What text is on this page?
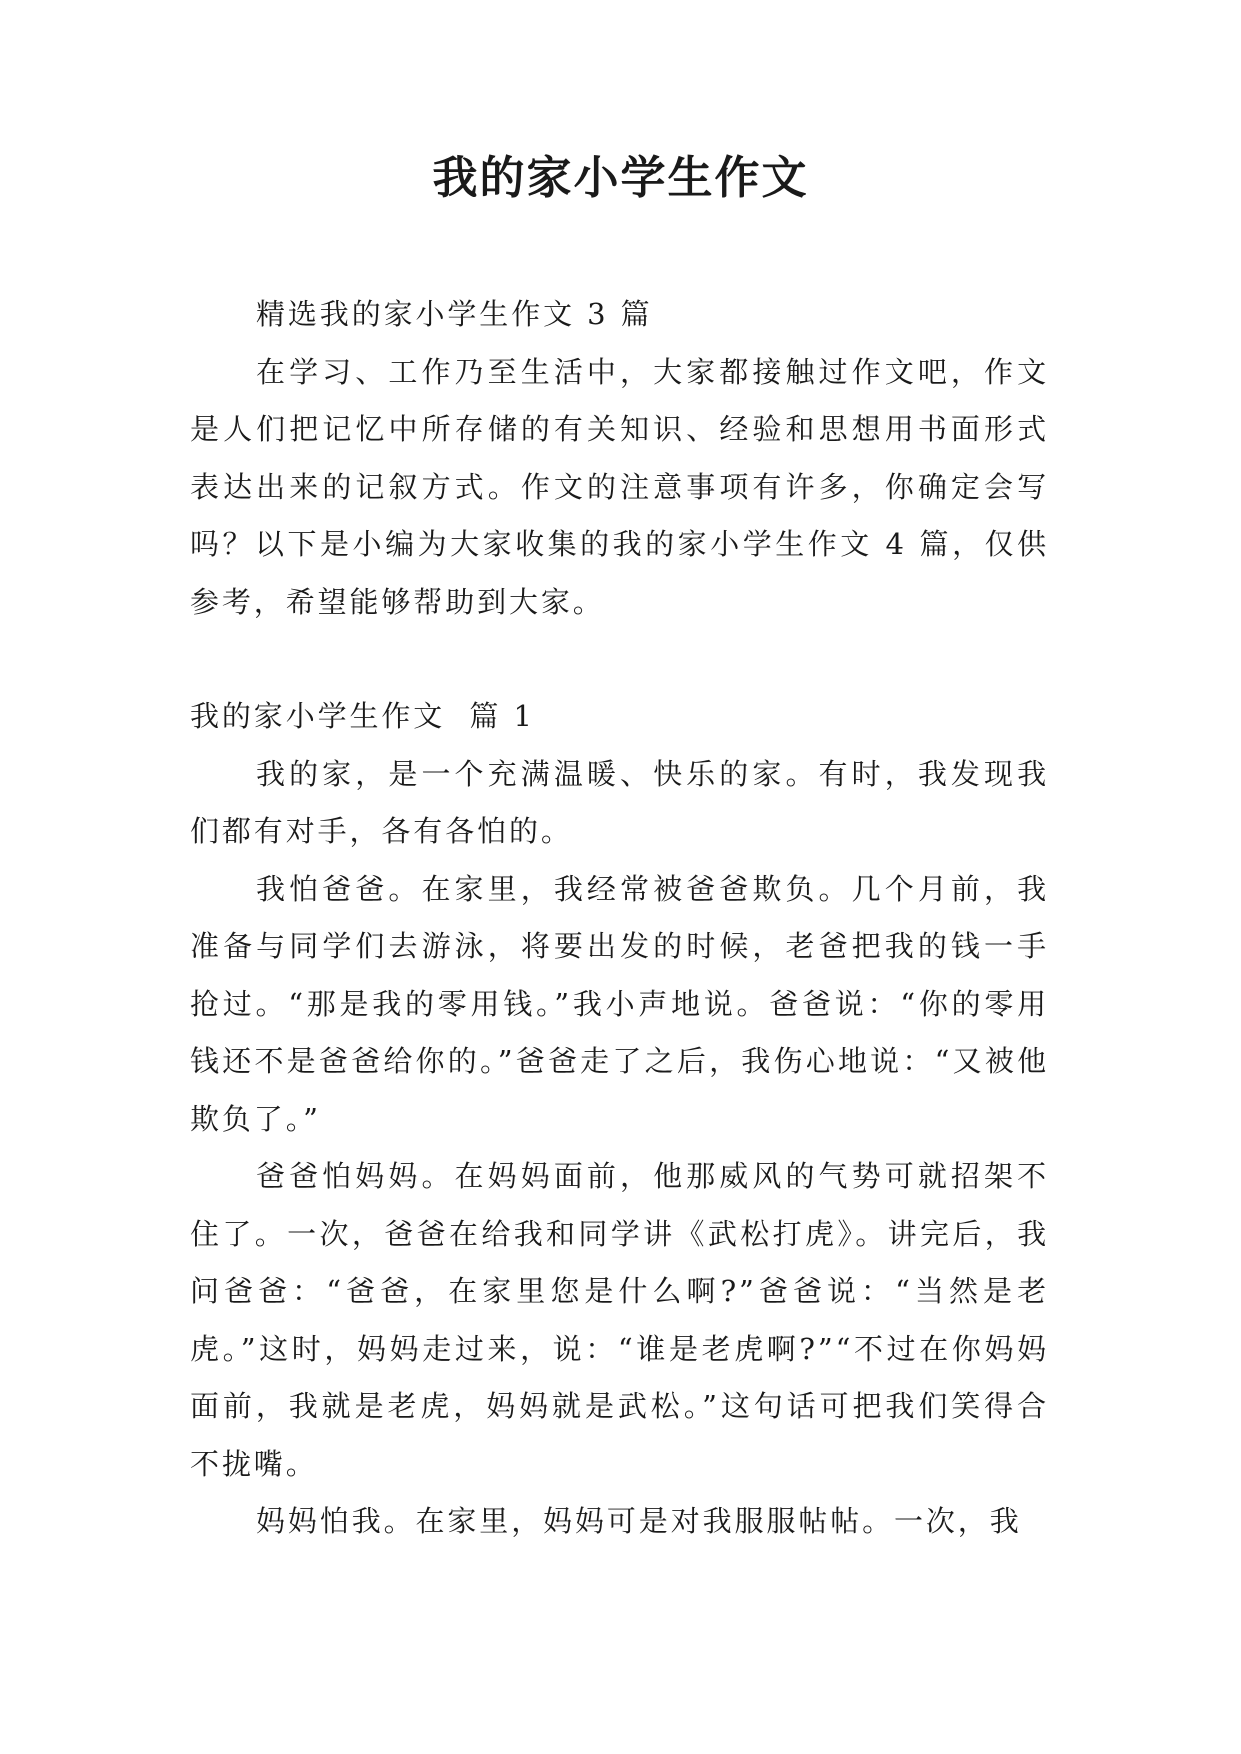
我的家小学生作文

精选我的家小学生作文 3 篇

在学习、工作乃至生活中，大家都接触过作文吧，作文是人们把记忆中所存储的有关知识、经验和思想用书面形式表达出来的记叙方式。作文的注意事项有许多，你确定会写吗？以下是小编为大家收集的我的家小学生作文 4 篇，仅供参考，希望能够帮助到大家。

我的家小学生作文  篇 1

我的家，是一个充满温暖、快乐的家。有时，我发现我们都有对手，各有各怕的。

我怕爸爸。在家里，我经常被爸爸欺负。几个月前，我准备与同学们去游泳，将要出发的时候，老爸把我的钱一手抢过。“那是我的零用钱。”我小声地说。爸爸说：“你的零用钱还不是爸爸给你的。”爸爸走了之后，我伤心地说：“又被他欺负了。”

爸爸怕妈妈。在妈妈面前，他那威风的气势可就招架不住了。一次，爸爸在给我和同学讲《武松打虎》。讲完后，我问爸爸：“爸爸，在家里您是什么啊?”爸爸说：“当然是老虎。”这时，妈妈走过来，说：“谁是老虎啊?”“不过在你妈妈面前，我就是老虎，妈妈就是武松。”这句话可把我们笑得合不拢嘴。

妈妈怕我。在家里，妈妈可是对我服服帖帖。一次，我
